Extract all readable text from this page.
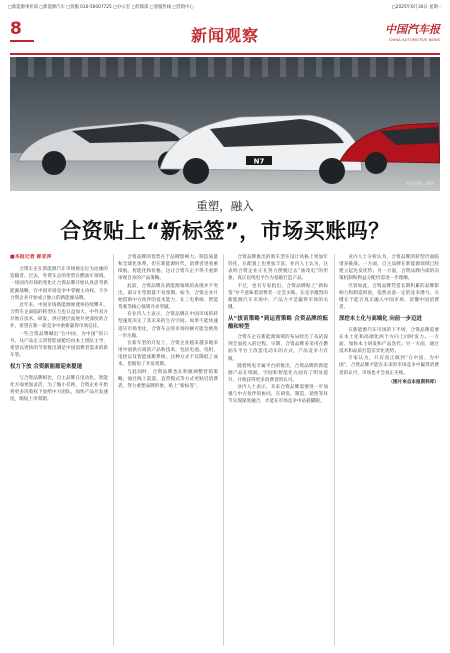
□新能源事业部 □新能源汽车 □客服 010-56007725 □办公室 □传媒部 □客服热线 □营销中心	□2025年6月30日 星期一
8	新闻观察	中国汽车报
CHINA AUTOMOTIVE NEWS
N7
图片来源：网络
重塑，融入
合资贴上“新标签”，市场买账吗？

■本报记者 郝亚萍

合资车企在新能源汽车市场被定位为边缘的追随者。过去，外资车企的优势在燃油车领域。一场国内市场的变化让合资品牌开始认真思考新能源战略，在中国市场竞争中掌握主动权。不少合资企业开始成立独立的新能源品牌。

近年来，中国市场新能源渗透率持续攀升。合资车企面临的转型压力也日益加大。中外双方开始在技术、研发、供应链层面展开更深度的合作，希望在新一轮竞争中重新赢得市场信任。

一些合资品牌喊出“在中国、为中国”的口号，从产品定义到智能座舱均由本土团队主导，希望以更快的节奏推出满足中国消费者需求的新车型。

权力下放 合资新能源迎来提速

与合资品牌相比，自主品牌在电动化、智能化方面更加灵活。为了缩小差距，合资企业开始将更多决策权下放给中方团队，加快产品开发速度，缩短上市周期。

合资品牌的优势在于品牌影响力、制造质量和全球化体系。但在新能源时代，消费者更看重续航、智能化和价格，这让合资车企不得不重新审视自身的产品策略。

此前，合资品牌在新能源领域的表现并不突出，部分车型销量不及预期。如今，合资企业开始借助中方伙伴的技术能力，在三电系统、智能驾驶等核心领域寻求突破。

有业内人士表示，合资品牌在中国市场的转型速度决定了其未来的生存空间。如果不能快速适应市场变化，合资车企的市场份额可能会被进一步压缩。

在新车型的开发上，合资企业越来越多地采用中国供应商的产品和技术，包括电池、电机、电控以及智能座舱系统。这种方式不仅降低了成本，也缩短了开发周期。

与此同时，合资品牌也在积极调整营销策略，通过线上渠道、直营模式等方式更贴近消费者，努力重塑品牌形象，贴上“新标签”。

合资品牌推出的新车型在设计风格上更加年轻化，在配置上也更加丰富。业内人士认为，这表明合资企业正在努力摆脱过去“油改电”的形象，真正以纯电平台为基础打造产品。

不过，也有专家指出，合资品牌贴上“新标签”并不意味着消费者一定会买账。在竞争激烈的新能源汽车市场中，产品力才是赢得市场的关键。

从“拔苗策略”到运营策略 合资品牌的酝酿和转型

合资车企在新能源领域的布局经历了从试探到全面投入的过程。早期，合资品牌多采用在燃油车平台上改造电动车的方式，产品竞争力有限。

随着纯电专属平台的推出，合资品牌的新能源产品在续航、空间和智能化方面有了明显提升，开始获得更多消费者的认可。

业内人士表示，未来合资品牌需要进一步加强与中方伙伴的协同，在研发、制造、销售等环节实现深度融合，才能在市场竞争中站稳脚跟。

业内人士分析认为，合资品牌的转型仍面临诸多挑战。一方面，自主品牌在新能源领域已经建立起先发优势；另一方面，合资品牌内部的决策机制和利益分配仍需进一步理顺。

尽管如此，合资品牌凭借长期积累的品牌影响力和制造经验，依然具备一定的竞争潜力。关键在于能否真正融入中国市场，读懂中国消费者。

深挖本土化与高端化 向前一步迈进

在新能源汽车市场的下半场，合资品牌需要在本土化和高端化两个方向上同时发力。一方面，加快本土研发和产品迭代；另一方面，通过技术和品质打造差异化优势。

专家认为，只有真正做到“在中国、为中国”，合资品牌才能在未来的市场竞争中赢得消费者的认可，市场也才会真正买账。

（图片来自本报资料库）
